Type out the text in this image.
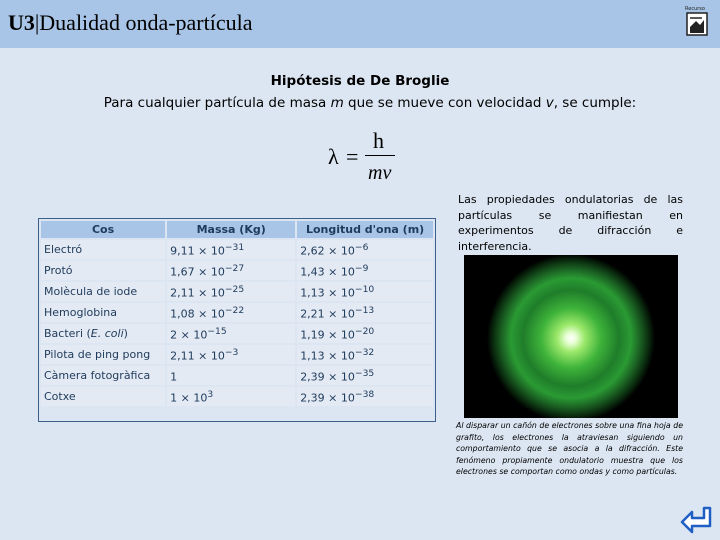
U3|Dualidad onda-partícula
Recurso
Hipótesis de De Broglie
Para cualquier partícula de masa m que se mueve con velocidad v, se cumple:
λ =
h
mv
Las propiedades ondulatorias de las partículas se manifiestan en experimentos de difracción e interferencia.
Al disparar un cañón de electrones sobre una fina hoja de grafito, los electrones la atraviesan siguiendo un comportamiento que se asocia a la difracción. Este fenómeno propiamente ondulatorio muestra que los electrones se comportan como ondas y como partículas.
Cos	Massa (Kg)	Longitud d'ona (m)
Electró	$9,11 \times 10^{-31}$	$2,62 \times 10^{-6}$
Protó	$1,67 \times 10^{-27}$	$1,43 \times 10^{-9}$
Molècula de iode	$2,11 \times 10^{-25}$	$1,13 \times 10^{-10}$
Hemoglobina	$1,08 \times 10^{-22}$	$2,21 \times 10^{-13}$
Bacteri (E. coli)	$2 \times 10^{-15}$	$1,19 \times 10^{-20}$
Pilota de ping pong	$2,11 \times 10^{-3}$	$1,13 \times 10^{-32}$
Càmera fotogràfica	1	$2,39 \times 10^{-35}$
Cotxe	$1 \times 10^3$	$2,39 \times 10^{-38}$
